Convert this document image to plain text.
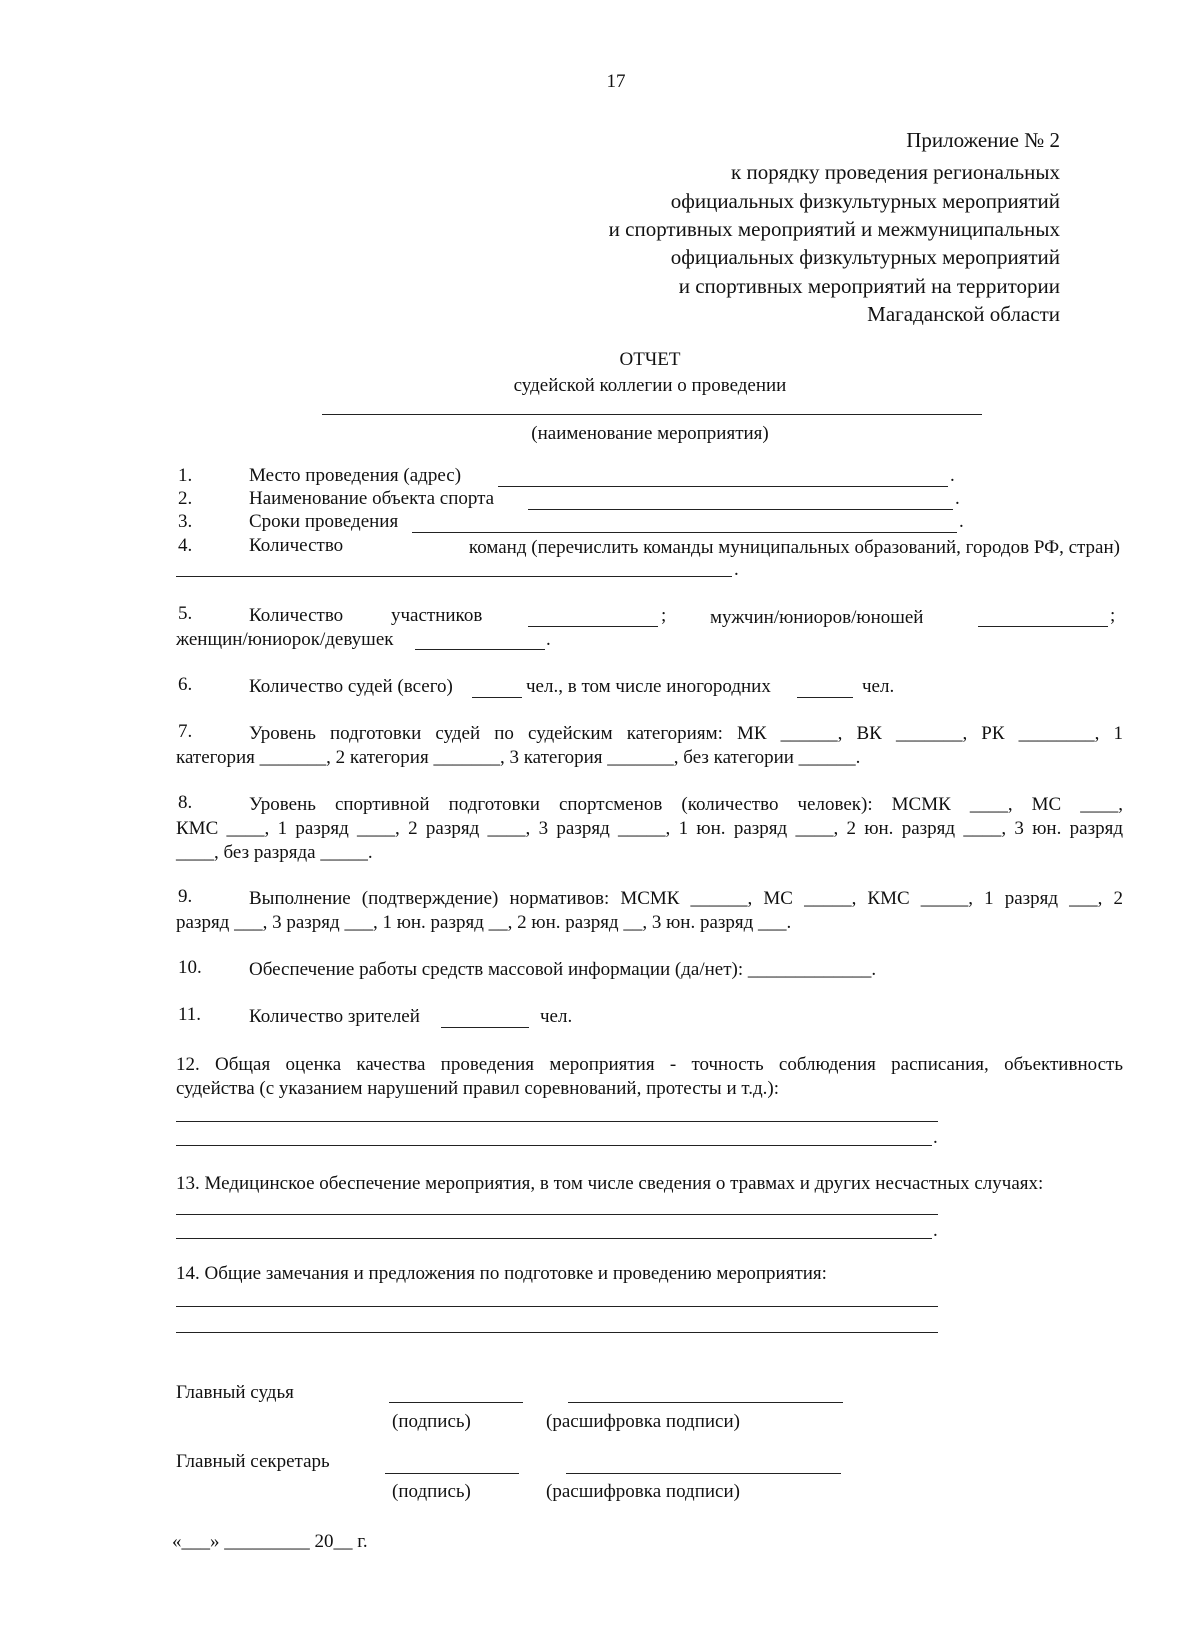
17
Приложение № 2
к порядку проведения региональных
официальных физкультурных мероприятий
и спортивных мероприятий и межмуниципальных
официальных физкультурных мероприятий
и спортивных мероприятий на территории
Магаданской области
ОТЧЕТ
судейской коллегии о проведении
(наименование мероприятия)
1.	Место проведения (адрес)	.
2.	Наименование объекта спорта	.
3.	Сроки проведения	.
4.	Количество	команд (перечислить команды муниципальных образований, городов РФ, стран)
.
5.	Количество	участников	; мужчин/юниоров/юношей	;
женщин/юниорок/девушек	.
6.	Количество судей (всего)	чел., в том числе иногородних	чел.
7.	Уровень подготовки судей по судейским категориям: МК ______, ВК _______, РК ________, 1
категория _______, 2 категория _______, 3 категория _______, без категории ______.
8.	Уровень спортивной подготовки спортсменов (количество человек): МСМК ____, МС ____,
КМС ____, 1 разряд ____, 2 разряд ____, 3 разряд _____, 1 юн. разряд ____, 2 юн. разряд ____, 3 юн. разряд
____, без разряда _____.
9.	Выполнение (подтверждение) нормативов: МСМК ______, МС _____, КМС _____, 1 разряд ___, 2
разряд ___, 3 разряд ___, 1 юн. разряд __, 2 юн. разряд __, 3 юн. разряд ___.
10. Обеспечение работы средств массовой информации (да/нет): _____________.
11.	Количество зрителей	чел.
12. Общая оценка качества проведения мероприятия - точность соблюдения расписания, объективность
судейства (с указанием нарушений правил соревнований, протесты и т.д.):
.
13. Медицинское обеспечение мероприятия, в том числе сведения о травмах и других несчастных случаях:
.
14. Общие замечания и предложения по подготовке и проведению мероприятия:
Главный судья
(подпись)	(расшифровка подписи)
Главный секретарь
(подпись)	(расшифровка подписи)
«___» _________ 20__ г.
